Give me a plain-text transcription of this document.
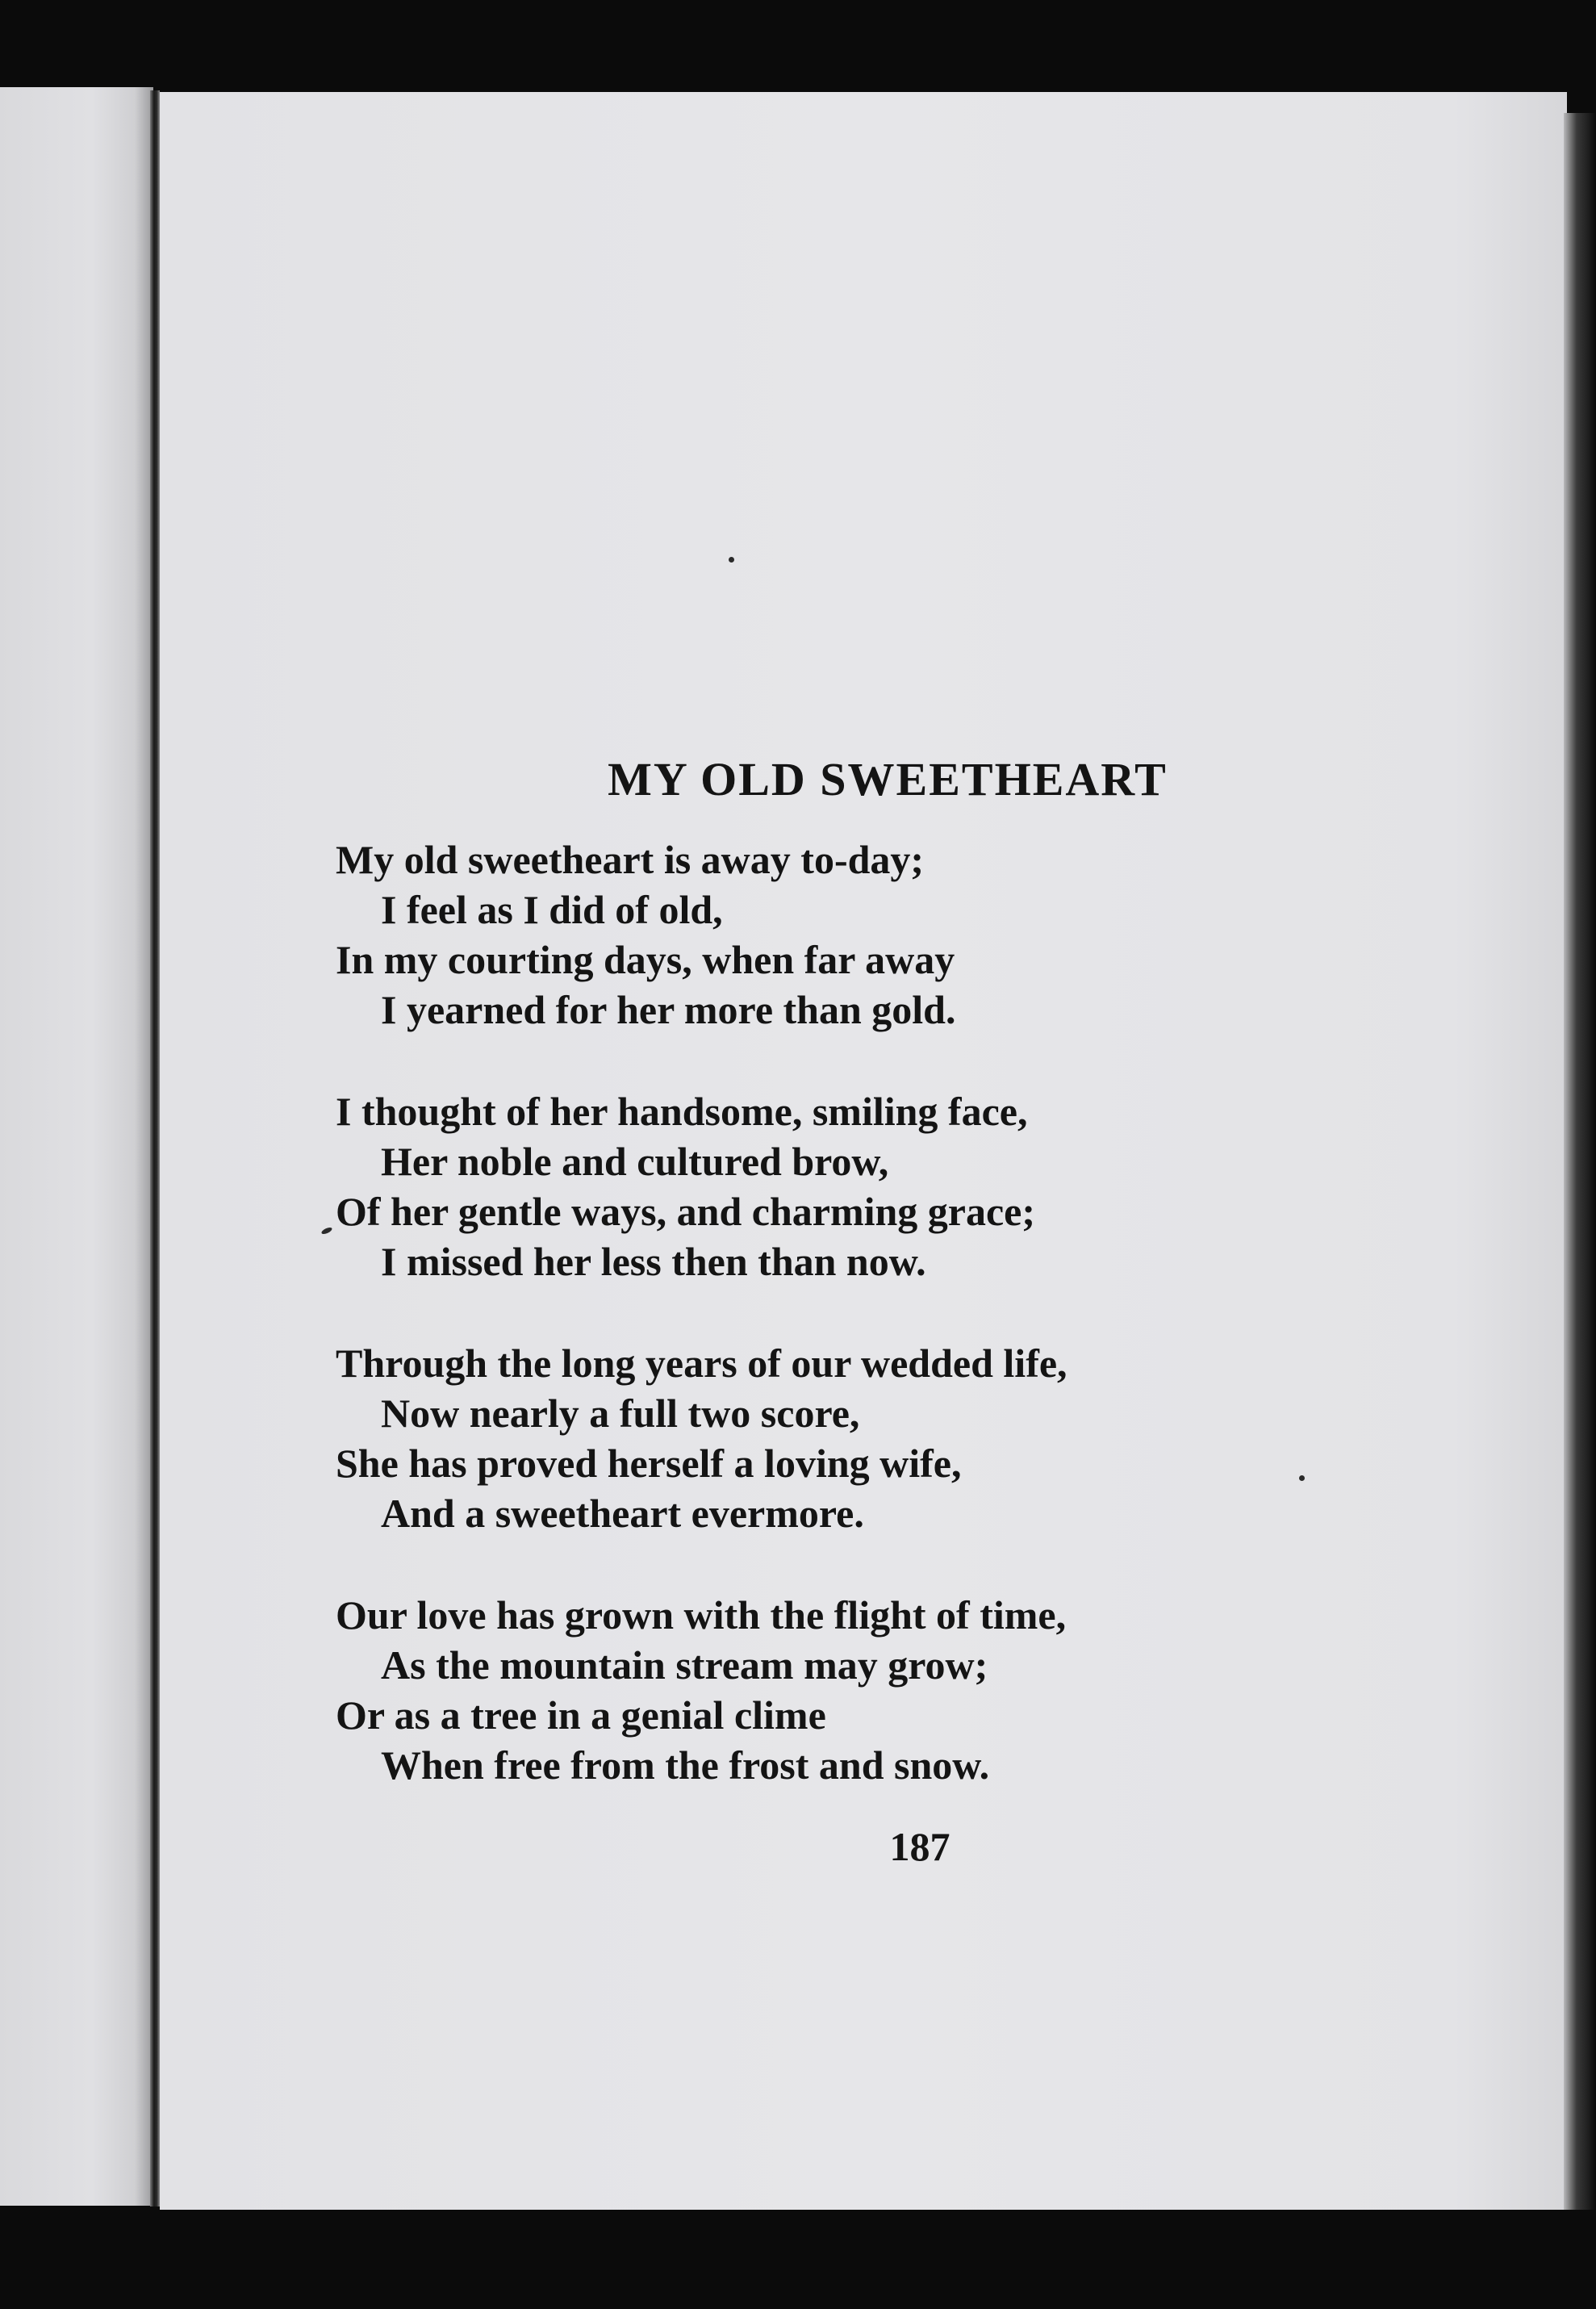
MY OLD SWEETHEART
My old sweetheart is away to-day;
I feel as I did of old,
In my courting days, when far away
I yearned for her more than gold.
I thought of her handsome, smiling face,
Her noble and cultured brow,
Of her gentle ways, and charming grace;
I missed her less then than now.
Through the long years of our wedded life,
Now nearly a full two score,
She has proved herself a loving wife,
And a sweetheart evermore.
Our love has grown with the flight of time,
As the mountain stream may grow;
Or as a tree in a genial clime
When free from the frost and snow.
187
